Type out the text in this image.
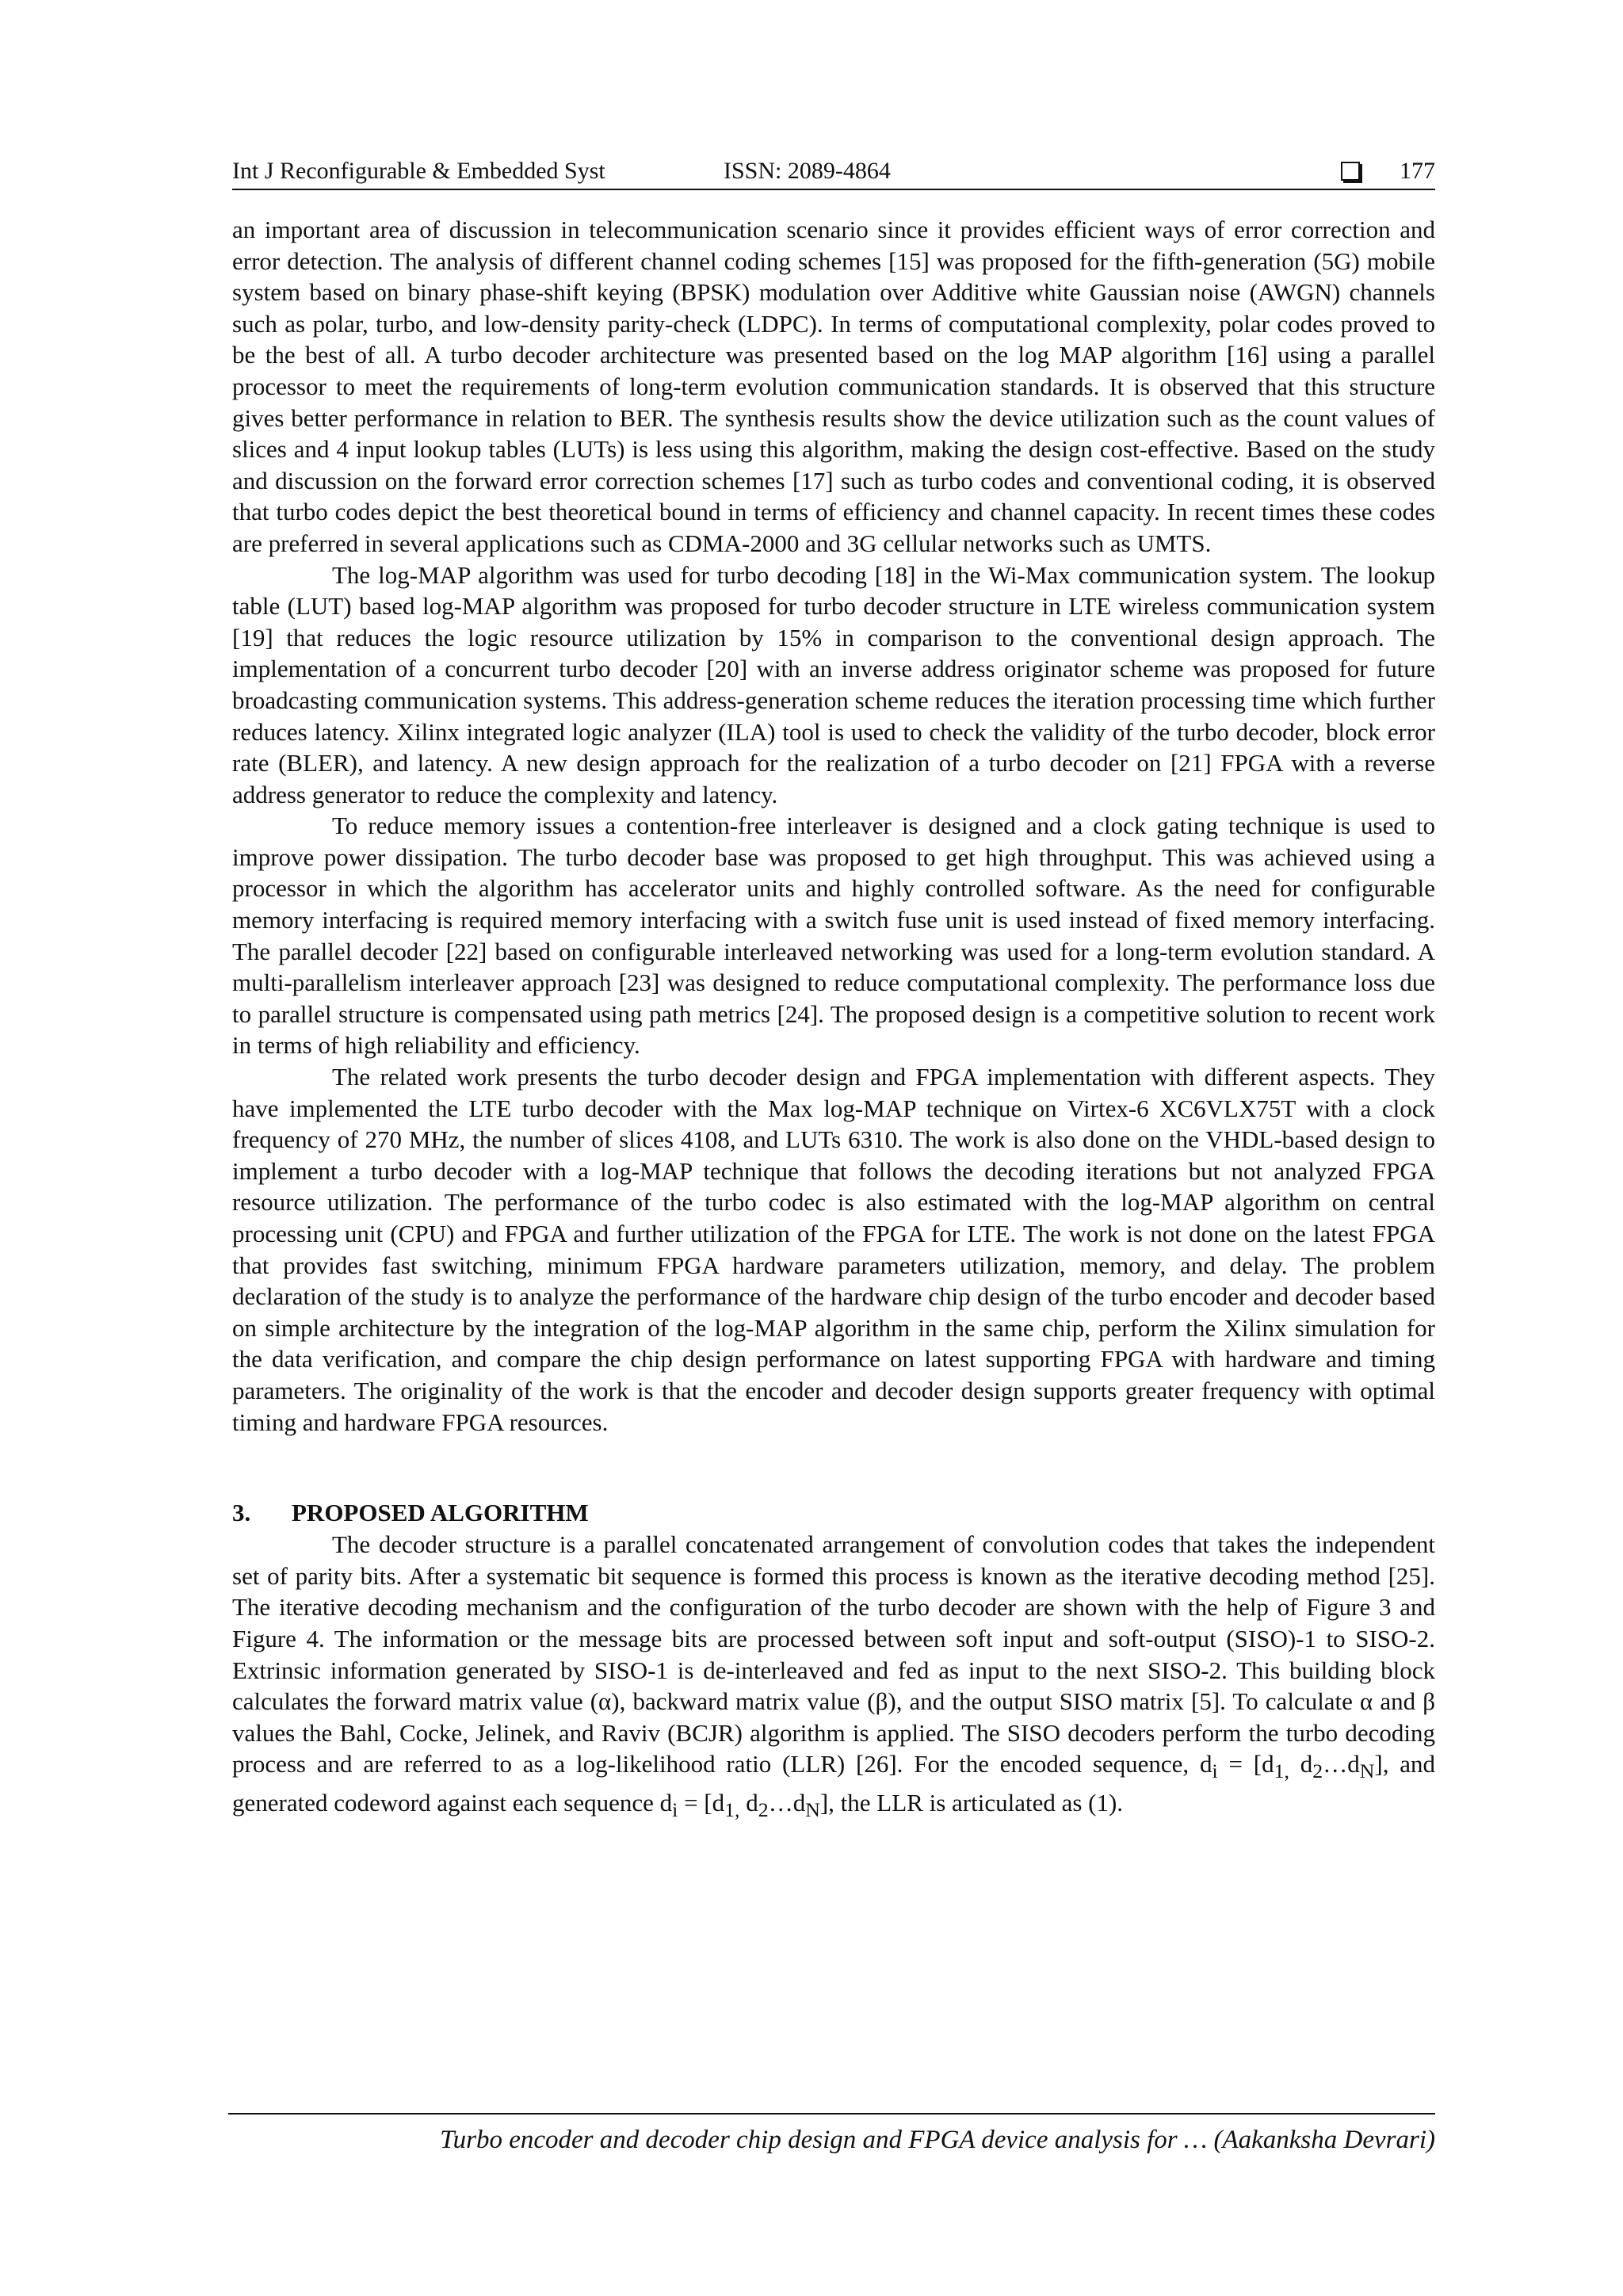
Int J Reconfigurable & Embedded Syst	ISSN: 2089-4864	177

an important area of discussion in telecommunication scenario since it provides efficient ways of error correction and error detection. The analysis of different channel coding schemes [15] was proposed for the fifth-generation (5G) mobile system based on binary phase-shift keying (BPSK) modulation over Additive white Gaussian noise (AWGN) channels such as polar, turbo, and low-density parity-check (LDPC). In terms of computational complexity, polar codes proved to be the best of all. A turbo decoder architecture was presented based on the log MAP algorithm [16] using a parallel processor to meet the requirements of long-term evolution communication standards. It is observed that this structure gives better performance in relation to BER. The synthesis results show the device utilization such as the count values of slices and 4 input lookup tables (LUTs) is less using this algorithm, making the design cost-effective. Based on the study and discussion on the forward error correction schemes [17] such as turbo codes and conventional coding, it is observed that turbo codes depict the best theoretical bound in terms of efficiency and channel capacity. In recent times these codes are preferred in several applications such as CDMA-2000 and 3G cellular networks such as UMTS.

The log-MAP algorithm was used for turbo decoding [18] in the Wi-Max communication system. The lookup table (LUT) based log-MAP algorithm was proposed for turbo decoder structure in LTE wireless communication system [19] that reduces the logic resource utilization by 15% in comparison to the conventional design approach. The implementation of a concurrent turbo decoder [20] with an inverse address originator scheme was proposed for future broadcasting communication systems. This address-generation scheme reduces the iteration processing time which further reduces latency. Xilinx integrated logic analyzer (ILA) tool is used to check the validity of the turbo decoder, block error rate (BLER), and latency. A new design approach for the realization of a turbo decoder on [21] FPGA with a reverse address generator to reduce the complexity and latency.

To reduce memory issues a contention-free interleaver is designed and a clock gating technique is used to improve power dissipation. The turbo decoder base was proposed to get high throughput. This was achieved using a processor in which the algorithm has accelerator units and highly controlled software. As the need for configurable memory interfacing is required memory interfacing with a switch fuse unit is used instead of fixed memory interfacing. The parallel decoder [22] based on configurable interleaved networking was used for a long-term evolution standard. A multi-parallelism interleaver approach [23] was designed to reduce computational complexity. The performance loss due to parallel structure is compensated using path metrics [24]. The proposed design is a competitive solution to recent work in terms of high reliability and efficiency.

The related work presents the turbo decoder design and FPGA implementation with different aspects. They have implemented the LTE turbo decoder with the Max log-MAP technique on Virtex-6 XC6VLX75T with a clock frequency of 270 MHz, the number of slices 4108, and LUTs 6310. The work is also done on the VHDL-based design to implement a turbo decoder with a log-MAP technique that follows the decoding iterations but not analyzed FPGA resource utilization. The performance of the turbo codec is also estimated with the log-MAP algorithm on central processing unit (CPU) and FPGA and further utilization of the FPGA for LTE. The work is not done on the latest FPGA that provides fast switching, minimum FPGA hardware parameters utilization, memory, and delay. The problem declaration of the study is to analyze the performance of the hardware chip design of the turbo encoder and decoder based on simple architecture by the integration of the log-MAP algorithm in the same chip, perform the Xilinx simulation for the data verification, and compare the chip design performance on latest supporting FPGA with hardware and timing parameters. The originality of the work is that the encoder and decoder design supports greater frequency with optimal timing and hardware FPGA resources.

3. PROPOSED ALGORITHM

The decoder structure is a parallel concatenated arrangement of convolution codes that takes the independent set of parity bits. After a systematic bit sequence is formed this process is known as the iterative decoding method [25]. The iterative decoding mechanism and the configuration of the turbo decoder are shown with the help of Figure 3 and Figure 4. The information or the message bits are processed between soft input and soft-output (SISO)-1 to SISO-2. Extrinsic information generated by SISO-1 is de-interleaved and fed as input to the next SISO-2. This building block calculates the forward matrix value (α), backward matrix value (β), and the output SISO matrix [5]. To calculate α and β values the Bahl, Cocke, Jelinek, and Raviv (BCJR) algorithm is applied. The SISO decoders perform the turbo decoding process and are referred to as a log-likelihood ratio (LLR) [26]. For the encoded sequence, $d_i = [d_{1,}$ $d_2\dots d_N$], and generated codeword against each sequence $d_i = [d_{1,}$ $d_2\dots d_N$], the LLR is articulated as (1).

Turbo encoder and decoder chip design and FPGA device analysis for … (Aakanksha Devrari)
